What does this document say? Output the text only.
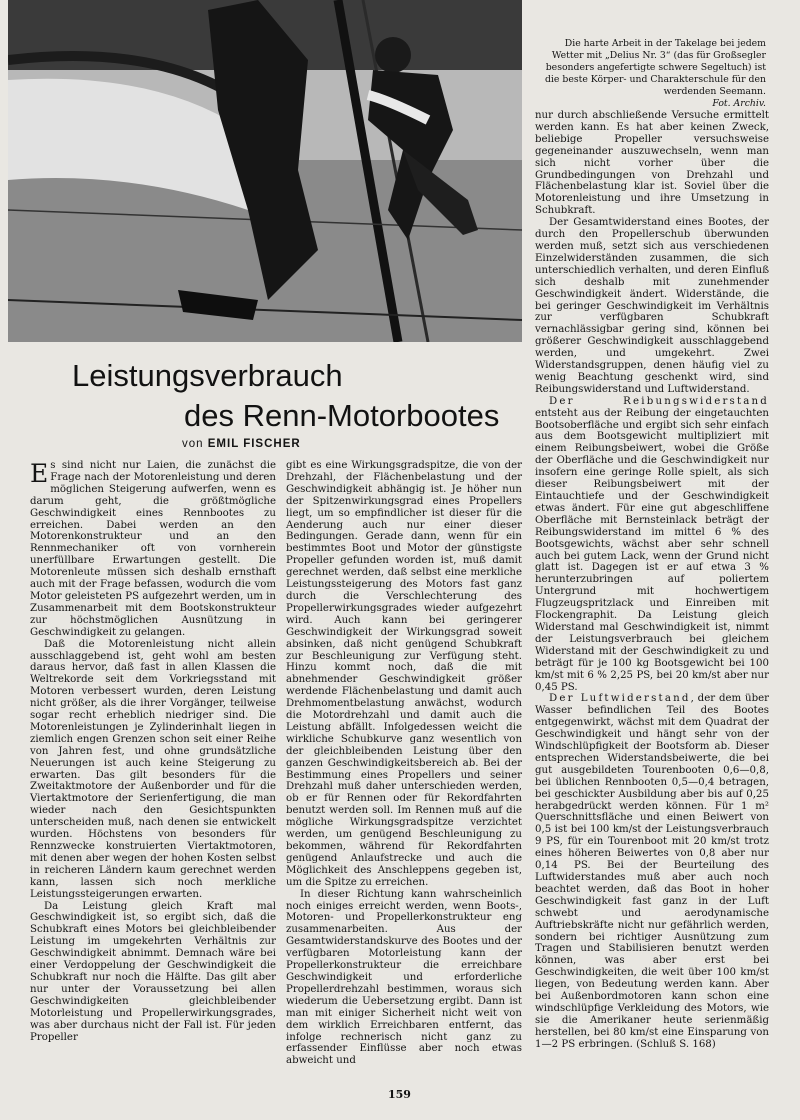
Die harte Arbeit in der Takelage bei jedem Wetter mit „Delius Nr. 3“ (das für Großsegler besonders angefertigte schwere Segeltuch) ist die beste Körper- und Charakterschule für den werdenden Seemann.
Fot. Archiv.
Leistungsverbrauch
des Renn-Motorbootes
von EMIL FISCHER

Es sind nicht nur Laien, die zunächst die Frage nach der Motorenleistung und deren möglichen Steigerung aufwerfen, wenn es darum geht, die größtmögliche Geschwindigkeit eines Rennbootes zu erreichen. Dabei werden an den Motorenkonstrukteur und an den Rennmechaniker oft von vornherein unerfüllbare Erwartungen gestellt. Die Motorenleute müssen sich deshalb ernsthaft auch mit der Frage befassen, wodurch die vom Motor geleisteten PS aufgezehrt werden, um in Zusammenarbeit mit dem Bootskonstrukteur zur höchstmöglichen Ausnützung in Geschwindigkeit zu gelangen.

Daß die Motorenleistung nicht allein ausschlaggebend ist, geht wohl am besten daraus hervor, daß fast in allen Klassen die Weltrekorde seit dem Vorkriegsstand mit Motoren verbessert wurden, deren Leistung nicht größer, als die ihrer Vorgänger, teilweise sogar recht erheblich niedriger sind. Die Motorenleistungen je Zylinderinhalt liegen in ziemlich engen Grenzen schon seit einer Reihe von Jahren fest, und ohne grundsätzliche Neuerungen ist auch keine Steigerung zu erwarten. Das gilt besonders für die Zweitaktmotore der Außenborder und für die Viertaktmotore der Serienfertigung, die man wieder nach den Gesichtspunkten unterscheiden muß, nach denen sie entwickelt wurden. Höchstens von besonders für Rennzwecke konstruierten Viertaktmotoren, mit denen aber wegen der hohen Kosten selbst in reicheren Ländern kaum gerechnet werden kann, lassen sich noch merkliche Leistungssteigerungen erwarten.

Da Leistung gleich Kraft mal Geschwindigkeit ist, so ergibt sich, daß die Schubkraft eines Motors bei gleichbleibender Leistung im umgekehrten Verhältnis zur Geschwindigkeit abnimmt. Demnach wäre bei einer Verdoppelung der Geschwindigkeit die Schubkraft nur noch die Hälfte. Das gilt aber nur unter der Voraussetzung bei allen Geschwindigkeiten gleichbleibender Motorleistung und Propellerwirkungsgrades, was aber durchaus nicht der Fall ist. Für jeden Propeller

gibt es eine Wirkungsgradspitze, die von der Drehzahl, der Flächenbelastung und der Geschwindigkeit abhängig ist. Je höher nun der Spitzenwirkungsgrad eines Propellers liegt, um so empfindlicher ist dieser für die Aenderung auch nur einer dieser Bedingungen. Gerade dann, wenn für ein bestimmtes Boot und Motor der günstigste Propeller gefunden worden ist, muß damit gerechnet werden, daß selbst eine merkliche Leistungssteigerung des Motors fast ganz durch die Verschlechterung des Propellerwirkungsgrades wieder aufgezehrt wird. Auch kann bei geringerer Geschwindigkeit der Wirkungsgrad soweit absinken, daß nicht genügend Schubkraft zur Beschleunigung zur Verfügung steht. Hinzu kommt noch, daß die mit abnehmender Geschwindigkeit größer werdende Flächenbelastung und damit auch Drehmomentbelastung anwächst, wodurch die Motordrehzahl und damit auch die Leistung abfällt. Infolgedessen weicht die wirkliche Schubkurve ganz wesentlich von der gleichbleibenden Leistung über den ganzen Geschwindigkeitsbereich ab. Bei der Bestimmung eines Propellers und seiner Drehzahl muß daher unterschieden werden, ob er für Rennen oder für Rekordfahrten benutzt werden soll. Im Rennen muß auf die mögliche Wirkungsgradspitze verzichtet werden, um genügend Beschleunigung zu bekommen, während für Rekordfahrten genügend Anlaufstrecke und auch die Möglichkeit des Anschleppens gegeben ist, um die Spitze zu erreichen.

In dieser Richtung kann wahrscheinlich noch einiges erreicht werden, wenn Boots-, Motoren- und Propellerkonstrukteur eng zusammenarbeiten. Aus der Gesamtwiderstandskurve des Bootes und der verfügbaren Motorleistung kann der Propellerkonstrukteur die erreichbare Geschwindigkeit und erforderliche Propellerdrehzahl bestimmen, woraus sich wiederum die Uebersetzung ergibt. Dann ist man mit einiger Sicherheit nicht weit von dem wirklich Erreichbaren entfernt, das infolge rechnerisch nicht ganz zu erfassender Einflüsse aber noch etwas abweicht und

nur durch abschließende Versuche ermittelt werden kann. Es hat aber keinen Zweck, beliebige Propeller versuchsweise gegeneinander auszuwechseln, wenn man sich nicht vorher über die Grundbedingungen von Drehzahl und Flächenbelastung klar ist. Soviel über die Motorenleistung und ihre Umsetzung in Schubkraft.

Der Gesamtwiderstand eines Bootes, der durch den Propellerschub überwunden werden muß, setzt sich aus verschiedenen Einzelwiderständen zusammen, die sich unterschiedlich verhalten, und deren Einfluß sich deshalb mit zunehmender Geschwindigkeit ändert. Widerstände, die bei geringer Geschwindigkeit im Verhältnis zur verfügbaren Schubkraft vernachlässigbar gering sind, können bei größerer Geschwindigkeit ausschlaggebend werden, und umgekehrt. Zwei Widerstandsgruppen, denen häufig viel zu wenig Beachtung geschenkt wird, sind Reibungswiderstand und Luftwiderstand.

Der Reibungswiderstand entsteht aus der Reibung der eingetauchten Bootsoberfläche und ergibt sich sehr einfach aus dem Bootsgewicht multipliziert mit einem Reibungsbeiwert, wobei die Größe der Oberfläche und die Geschwindigkeit nur insofern eine geringe Rolle spielt, als sich dieser Reibungsbeiwert mit der Eintauchtiefe und der Geschwindigkeit etwas ändert. Für eine gut abgeschliffene Oberfläche mit Bernsteinlack beträgt der Reibungswiderstand im mittel 6 % des Bootsgewichts, wächst aber sehr schnell auch bei gutem Lack, wenn der Grund nicht glatt ist. Dagegen ist er auf etwa 3 % herunterzubringen auf poliertem Untergrund mit hochwertigem Flugzeugspritzlack und Einreiben mit Flockengraphit. Da Leistung gleich Widerstand mal Geschwindigkeit ist, nimmt der Leistungsverbrauch bei gleichem Widerstand mit der Geschwindigkeit zu und beträgt für je 100 kg Bootsgewicht bei 100 km/st mit 6 % 2,25 PS, bei 20 km/st aber nur 0,45 PS.

Der Luftwiderstand, der dem über Wasser befindlichen Teil des Bootes entgegenwirkt, wächst mit dem Quadrat der Geschwindigkeit und hängt sehr von der Windschlüpfigkeit der Bootsform ab. Dieser entsprechen Widerstandsbeiwerte, die bei gut ausgebildeten Tourenbooten 0,6—0,8, bei üblichen Rennbooten 0,5—0,4 betragen, bei geschickter Ausbildung aber bis auf 0,25 herabgedrückt werden können. Für 1 m² Querschnittsfläche und einen Beiwert von 0,5 ist bei 100 km/st der Leistungsverbrauch 9 PS, für ein Tourenboot mit 20 km/st trotz eines höheren Beiwertes von 0,8 aber nur 0,14 PS. Bei der Beurteilung des Luftwiderstandes muß aber auch noch beachtet werden, daß das Boot in hoher Geschwindigkeit fast ganz in der Luft schwebt und aerodynamische Auftriebskräfte nicht nur gefährlich werden, sondern bei richtiger Ausnützung zum Tragen und Stabilisieren benutzt werden können, was aber erst bei Geschwindigkeiten, die weit über 100 km/st liegen, von Bedeutung werden kann. Aber bei Außenbordmotoren kann schon eine windschlüpfige Verkleidung des Motors, wie sie die Amerikaner heute serienmäßig herstellen, bei 80 km/st eine Einsparung von 1—2 PS erbringen. (Schluß S. 168)

159
